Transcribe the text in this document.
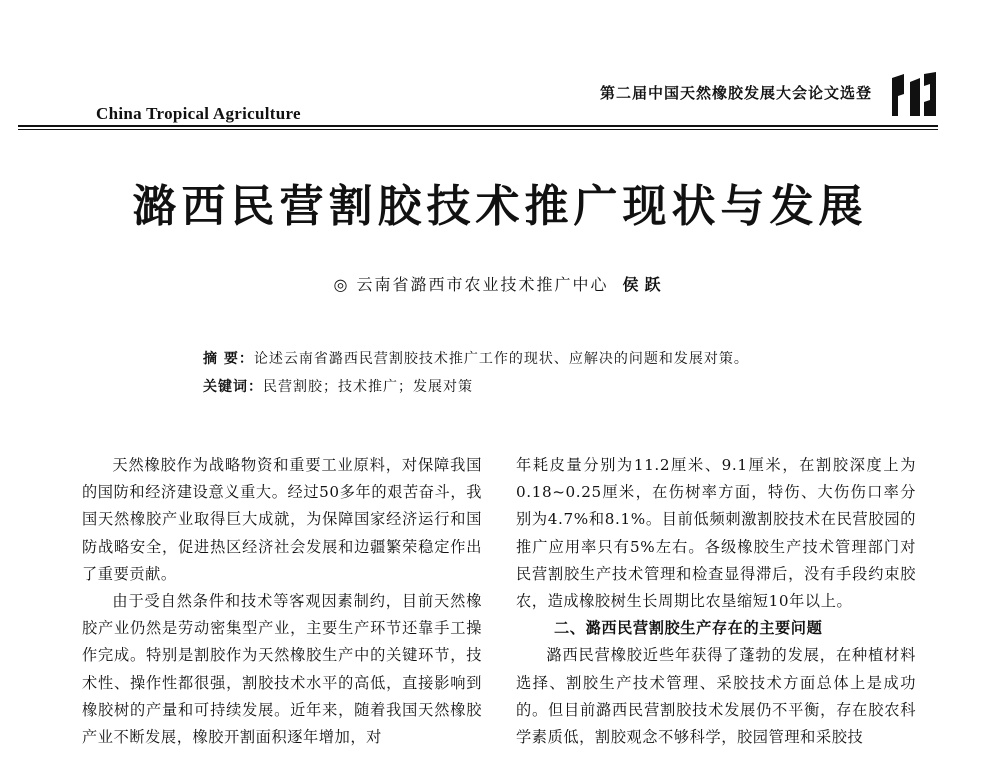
第二届中国天然橡胶发展大会论文选登
China Tropical Agriculture
潞西民营割胶技术推广现状与发展
◎ 云南省潞西市农业技术推广中心 侯跃
摘 要：论述云南省潞西民营割胶技术推广工作的现状、应解决的问题和发展对策。
关键词：民营割胶；技术推广；发展对策

天然橡胶作为战略物资和重要工业原料，对保障我国的国防和经济建设意义重大。经过50多年的艰苦奋斗，我国天然橡胶产业取得巨大成就，为保障国家经济运行和国防战略安全，促进热区经济社会发展和边疆繁荣稳定作出了重要贡献。

由于受自然条件和技术等客观因素制约，目前天然橡胶产业仍然是劳动密集型产业，主要生产环节还靠手工操作完成。特别是割胶作为天然橡胶生产中的关键环节，技术性、操作性都很强，割胶技术水平的高低，直接影响到橡胶树的产量和可持续发展。近年来，随着我国天然橡胶产业不断发展，橡胶开割面积逐年增加，对

年耗皮量分别为11.2厘米、9.1厘米，在割胶深度上为0.18~0.25厘米，在伤树率方面，特伤、大伤伤口率分别为4.7%和8.1%。目前低频刺激割胶技术在民营胶园的推广应用率只有5%左右。各级橡胶生产技术管理部门对民营割胶生产技术管理和检查显得滞后，没有手段约束胶农，造成橡胶树生长周期比农垦缩短10年以上。

二、潞西民营割胶生产存在的主要问题

潞西民营橡胶近些年获得了蓬勃的发展，在种植材料选择、割胶生产技术管理、采胶技术方面总体上是成功的。但目前潞西民营割胶技术发展仍不平衡，存在胶农科学素质低，割胶观念不够科学，胶园管理和采胶技
